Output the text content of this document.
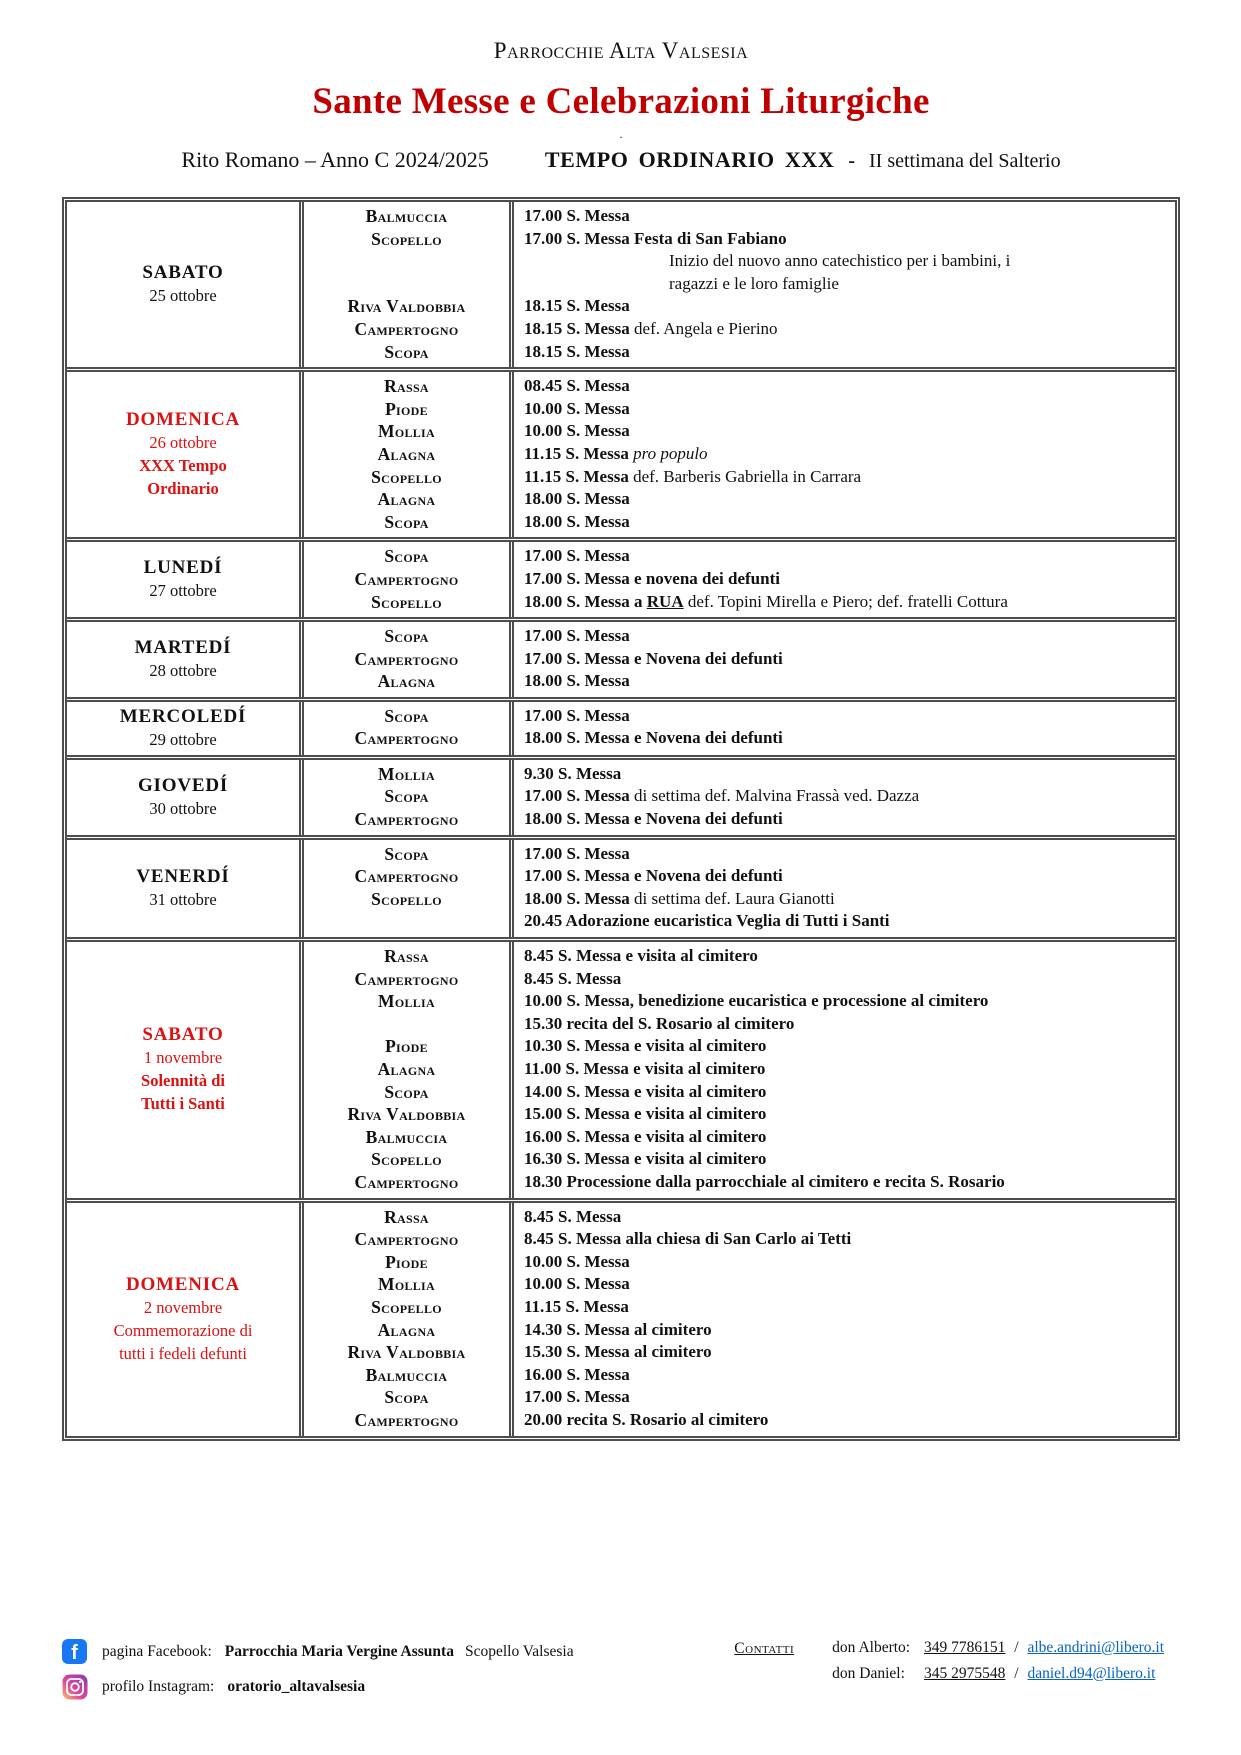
Parrocchie Alta Valsesia
Sante Messe e Celebrazioni Liturgiche
.
Rito Romano – Anno C 2024/2025	TEMPO ORDINARIO XXX - II settimana del Salterio
SABATO
25 ottobre
Balmuccia
Scopello

Riva Valdobbia
Campertogno
Scopa
17.00 S. Messa
17.00 S. Messa Festa di San Fabiano
Inizio del nuovo anno catechistico per i bambini, i
ragazzi e le loro famiglie
18.15 S. Messa
18.15 S. Messa def. Angela e Pierino
18.15 S. Messa
DOMENICA
26 ottobre
XXX Tempo
Ordinario
Rassa
Piode
Mollia
Alagna
Scopello
Alagna
Scopa
08.45 S. Messa
10.00 S. Messa
10.00 S. Messa
11.15 S. Messa pro populo
11.15 S. Messa def. Barberis Gabriella in Carrara
18.00 S. Messa
18.00 S. Messa
LUNEDÍ
27 ottobre
Scopa
Campertogno
Scopello
17.00 S. Messa
17.00 S. Messa e novena dei defunti
18.00 S. Messa a RUA def. Topini Mirella e Piero; def. fratelli Cottura
MARTEDÍ
28 ottobre
Scopa
Campertogno
Alagna
17.00 S. Messa
17.00 S. Messa e Novena dei defunti
18.00 S. Messa
MERCOLEDÍ
29 ottobre
Scopa
Campertogno
17.00 S. Messa
18.00 S. Messa e Novena dei defunti
GIOVEDÍ
30 ottobre
Mollia
Scopa
Campertogno
9.30 S. Messa
17.00 S. Messa di settima def. Malvina Frassà ved. Dazza
18.00 S. Messa e Novena dei defunti
VENERDÍ
31 ottobre
Scopa
Campertogno
Scopello

17.00 S. Messa
17.00 S. Messa e Novena dei defunti
18.00 S. Messa di settima def. Laura Gianotti
20.45 Adorazione eucaristica Veglia di Tutti i Santi
SABATO
1 novembre
Solennità di
Tutti i Santi
Rassa
Campertogno
Mollia

Piode
Alagna
Scopa
Riva Valdobbia
Balmuccia
Scopello
Campertogno
8.45 S. Messa e visita al cimitero
8.45 S. Messa
10.00 S. Messa, benedizione eucaristica e processione al cimitero
15.30 recita del S. Rosario al cimitero
10.30 S. Messa e visita al cimitero
11.00 S. Messa e visita al cimitero
14.00 S. Messa e visita al cimitero
15.00 S. Messa e visita al cimitero
16.00 S. Messa e visita al cimitero
16.30 S. Messa e visita al cimitero
18.30 Processione dalla parrocchiale al cimitero e recita S. Rosario
DOMENICA
2 novembre
Commemorazione di
tutti i fedeli defunti
Rassa
Campertogno
Piode
Mollia
Scopello
Alagna
Riva Valdobbia
Balmuccia
Scopa
Campertogno
8.45 S. Messa
8.45 S. Messa alla chiesa di San Carlo ai Tetti
10.00 S. Messa
10.00 S. Messa
11.15 S. Messa
14.30 S. Messa al cimitero
15.30 S. Messa al cimitero
16.00 S. Messa
17.00 S. Messa
20.00 recita S. Rosario al cimitero
f	pagina Facebook: Parrocchia Maria Vergine Assunta Scopello Valsesia
profilo Instagram: oratorio_altavalsesia
Contatti don Alberto: 349 7786151 / albe.andrini@libero.it
don Daniel: 345 2975548 / daniel.d94@libero.it
